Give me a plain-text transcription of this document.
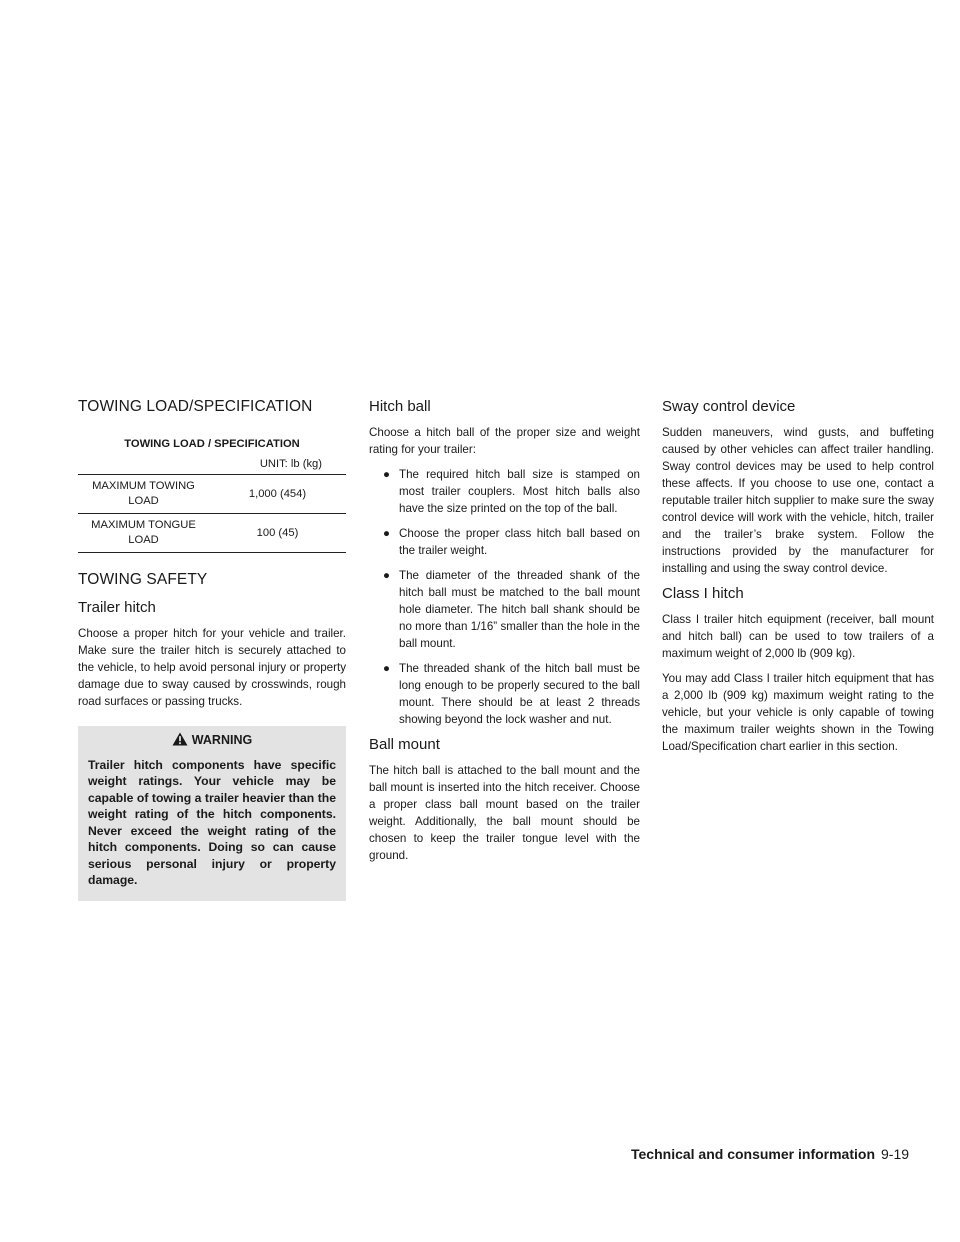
TOWING LOAD/SPECIFICATION
TOWING LOAD / SPECIFICATION	
UNIT: lb (kg)	
MAXIMUM TOWING LOAD	1,000 (454)
MAXIMUM TONGUE LOAD	100 (45)
TOWING SAFETY
Trailer hitch

Choose a proper hitch for your vehicle and trailer. Make sure the trailer hitch is securely attached to the vehicle, to help avoid personal injury or property damage due to sway caused by crosswinds, rough road surfaces or passing trucks.

WARNING
Trailer hitch components have specific weight ratings. Your vehicle may be capable of towing a trailer heavier than the weight rating of the hitch components. Never exceed the weight rating of the hitch components. Doing so can cause serious personal injury or property damage.
Hitch ball

Choose a hitch ball of the proper size and weight rating for your trailer:

● The required hitch ball size is stamped on most trailer couplers. Most hitch balls also have the size printed on the top of the ball.
● Choose the proper class hitch ball based on the trailer weight.
● The diameter of the threaded shank of the hitch ball must be matched to the ball mount hole diameter. The hitch ball shank should be no more than 1/16” smaller than the hole in the ball mount.
● The threaded shank of the hitch ball must be long enough to be properly secured to the ball mount. There should be at least 2 threads showing beyond the lock washer and nut.
Ball mount

The hitch ball is attached to the ball mount and the ball mount is inserted into the hitch receiver. Choose a proper class ball mount based on the trailer weight. Additionally, the ball mount should be chosen to keep the trailer tongue level with the ground.

Sway control device

Sudden maneuvers, wind gusts, and buffeting caused by other vehicles can affect trailer handling. Sway control devices may be used to help control these affects. If you choose to use one, contact a reputable trailer hitch supplier to make sure the sway control device will work with the vehicle, hitch, trailer and the trailer’s brake system. Follow the instructions provided by the manufacturer for installing and using the sway control device.

Class I hitch

Class I trailer hitch equipment (receiver, ball mount and hitch ball) can be used to tow trailers of a maximum weight of 2,000 lb (909 kg).

You may add Class I trailer hitch equipment that has a 2,000 lb (909 kg) maximum weight rating to the vehicle, but your vehicle is only capable of towing the maximum trailer weights shown in the Towing Load/Specification chart earlier in this section.

Technical and consumer information 9-19
